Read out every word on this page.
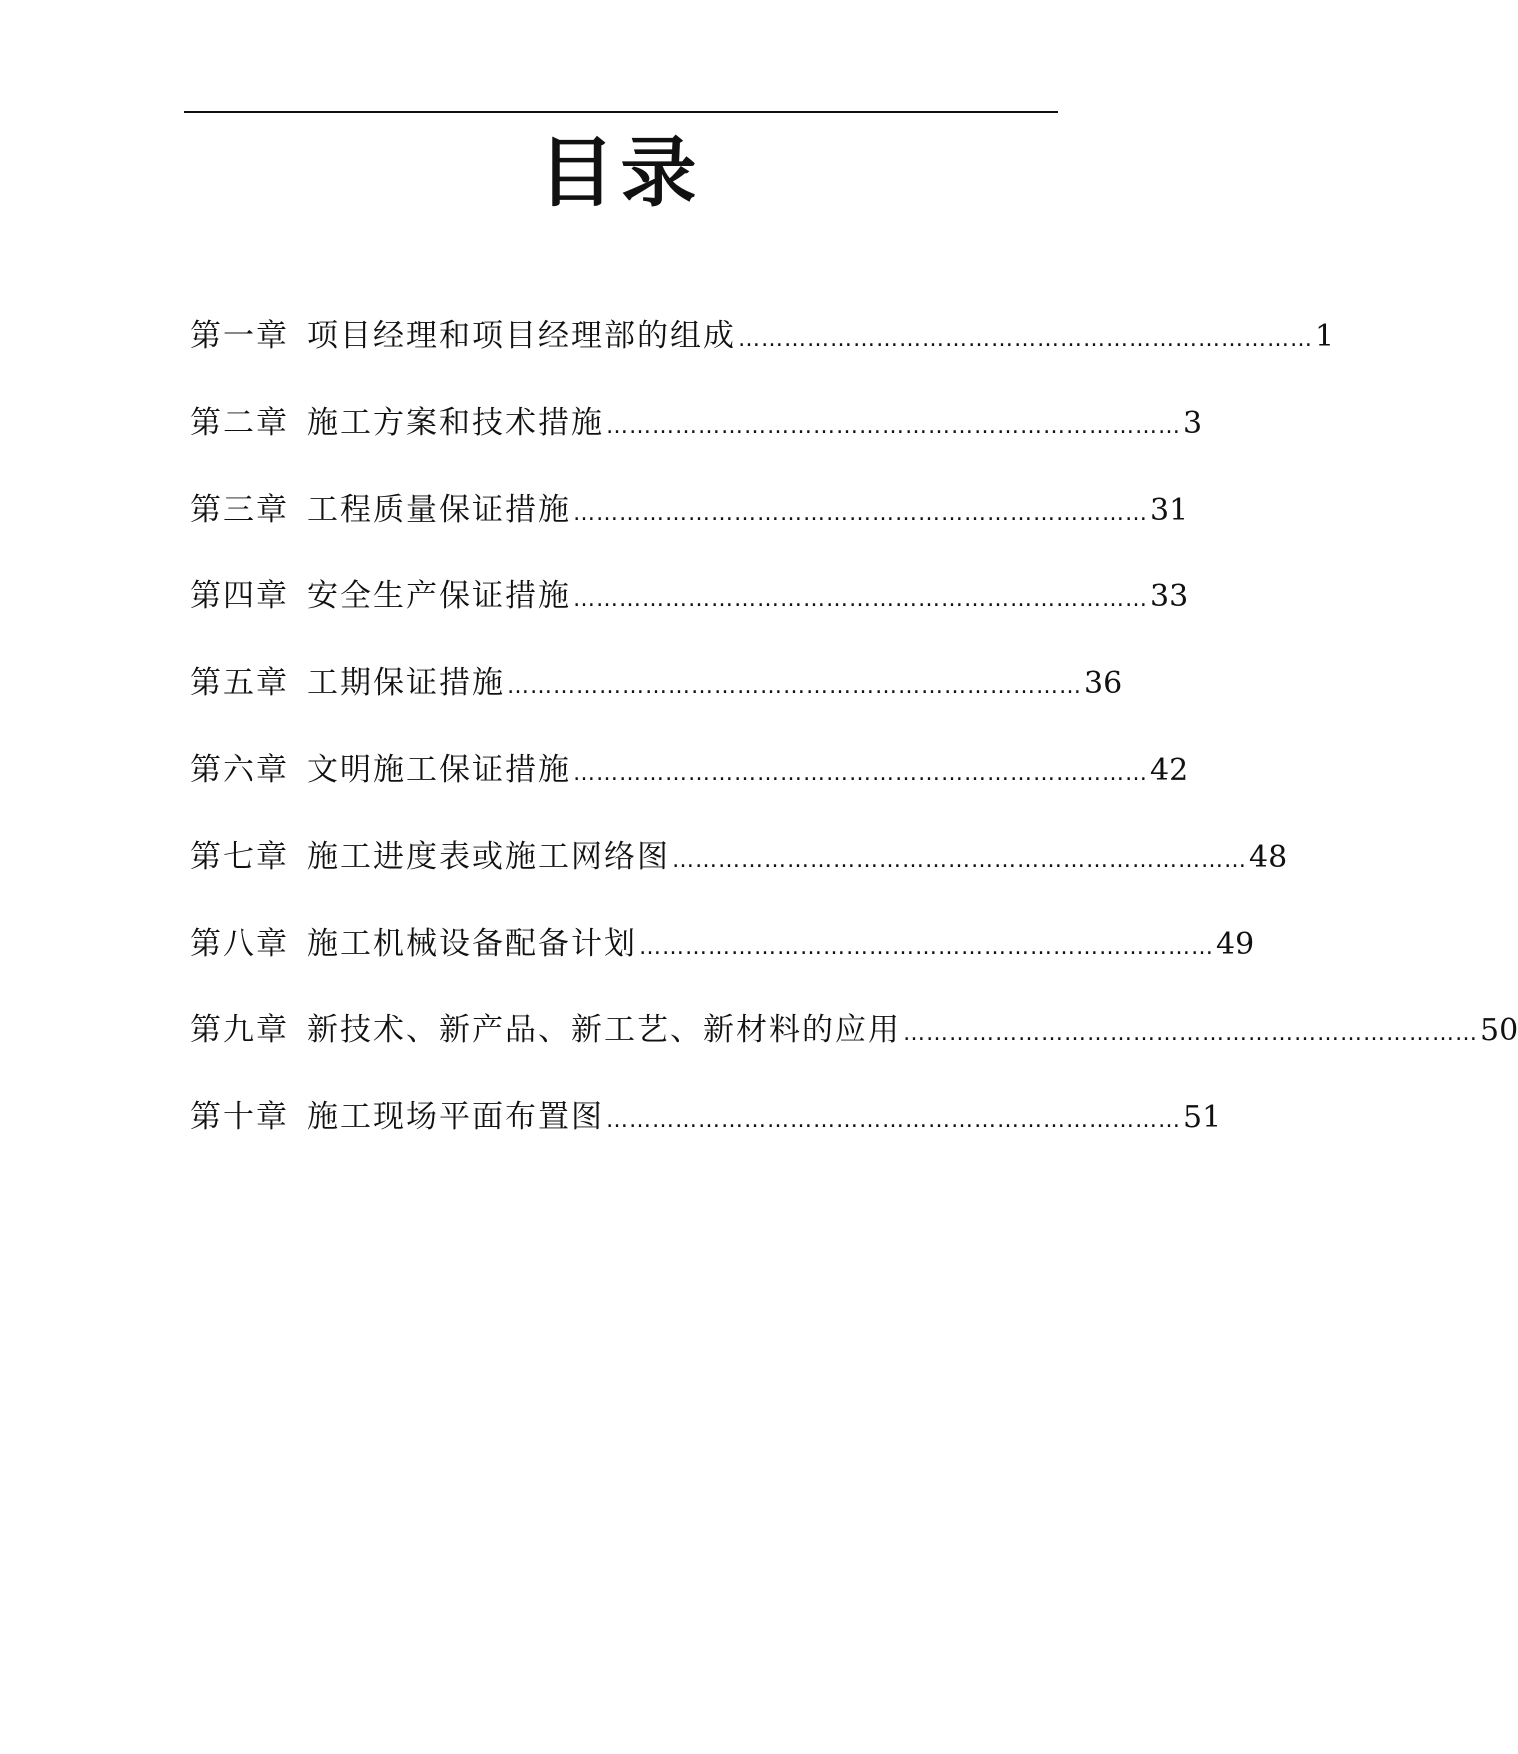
目录
第一章 项目经理和项目经理部的组成 ………………………………………………………………… 1
第二章 施工方案和技术措施 ………………………………………………………………… 3
第三章 工程质量保证措施 ………………………………………………………………… 31
第四章 安全生产保证措施 ………………………………………………………………… 33
第五章 工期保证措施 ………………………………………………………………… 36
第六章 文明施工保证措施 ………………………………………………………………… 42
第七章 施工进度表或施工网络图 ………………………………………………………………… 48
第八章 施工机械设备配备计划 ………………………………………………………………… 49
第九章 新技术、新产品、新工艺、新材料的应用 ………………………………………………………………… 50
第十章 施工现场平面布置图 ………………………………………………………………… 51
